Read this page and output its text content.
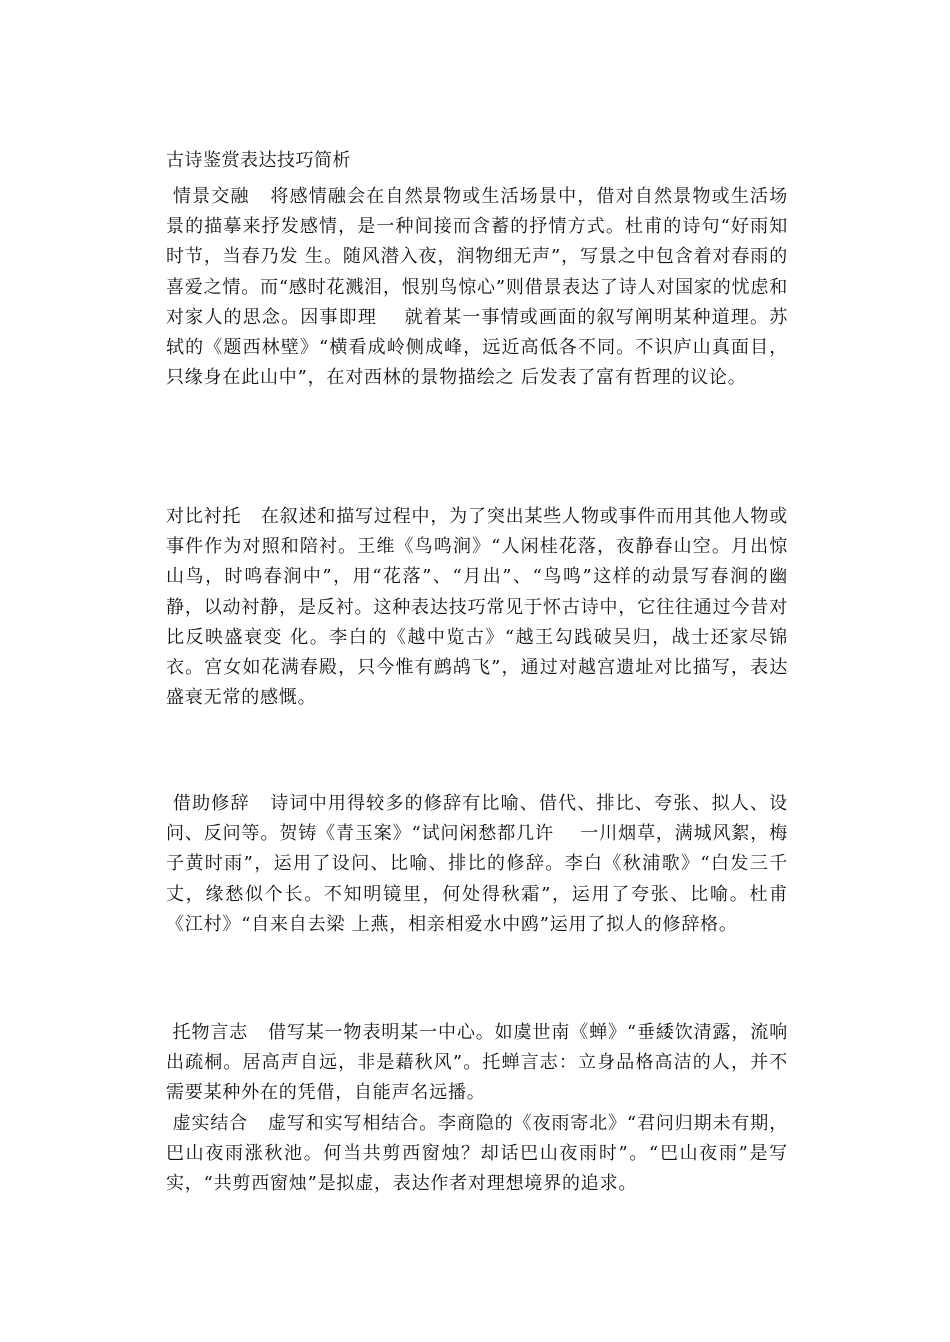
古诗鉴赏表达技巧简析

情景交融   将感情融会在自然景物或生活场景中，借对自然景物或生活场景的描摹来抒发感情，是一种间接而含蓄的抒情方式。杜甫的诗句“好雨知时节，当春乃发 生。随风潜入夜，润物细无声”，写景之中包含着对春雨的喜爱之情。而“感时花溅泪，恨别鸟惊心”则借景表达了诗人对国家的忧虑和对家人的思念。因事即理    就着某一事情或画面的叙写阐明某种道理。苏轼的《题西林壁》“横看成岭侧成峰，远近高低各不同。不识庐山真面目，只缘身在此山中”，在对西林的景物描绘之 后发表了富有哲理的议论。

对比衬托   在叙述和描写过程中，为了突出某些人物或事件而用其他人物或事件作为对照和陪衬。王维《鸟鸣涧》“人闲桂花落，夜静春山空。月出惊山鸟，时鸣春涧中”，用“花落”、“月出”、“鸟鸣”这样的动景写春涧的幽静，以动衬静，是反衬。这种表达技巧常见于怀古诗中，它往往通过今昔对比反映盛衰变 化。李白的《越中览古》“越王勾践破吴归，战士还家尽锦衣。宫女如花满春殿，只今惟有鹧鸪飞”，通过对越宫遗址对比描写，表达盛衰无常的感慨。

借助修辞   诗词中用得较多的修辞有比喻、借代、排比、夸张、拟人、设问、反问等。贺铸《青玉案》“试问闲愁都几许    一川烟草，满城风絮，梅子黄时雨”，运用了设问、比喻、排比的修辞。李白《秋浦歌》“白发三千丈，缘愁似个长。不知明镜里，何处得秋霜”，运用了夸张、比喻。杜甫《江村》“自来自去梁 上燕，相亲相爱水中鸥”运用了拟人的修辞格。

托物言志   借写某一物表明某一中心。如虞世南《蝉》“垂緌饮清露，流响出疏桐。居高声自远，非是藉秋风”。托蝉言志：立身品格高洁的人，并不需要某种外在的凭借，自能声名远播。

虚实结合   虚写和实写相结合。李商隐的《夜雨寄北》“君问归期未有期，巴山夜雨涨秋池。何当共剪西窗烛？却话巴山夜雨时”。“巴山夜雨”是写实，“共剪西窗烛”是拟虚，表达作者对理想境界的追求。
